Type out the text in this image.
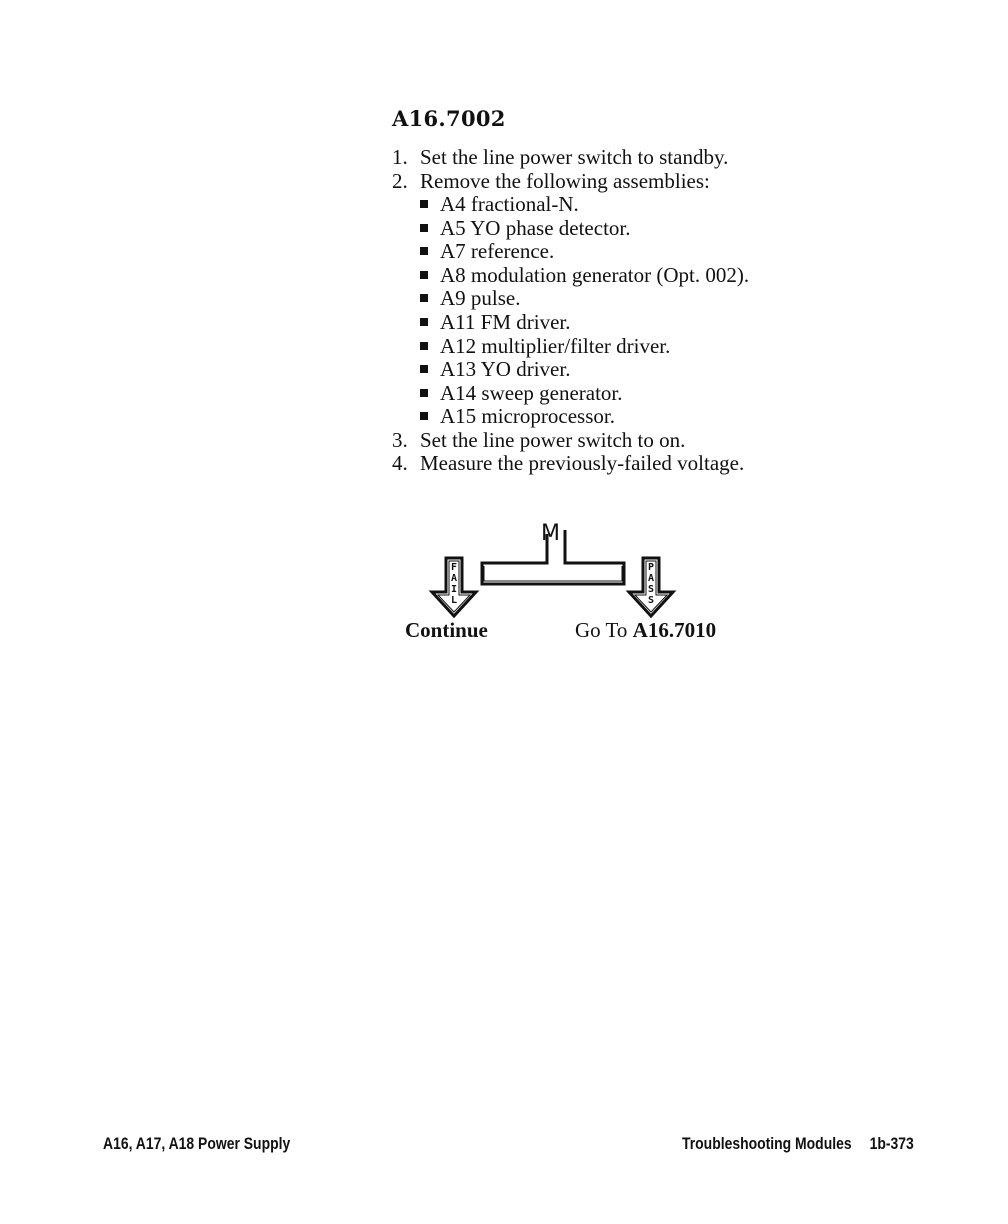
A16.7002
1. Set the line power switch to standby.
2. Remove the following assemblies:
A4 fractional-N.
A5 YO phase detector.
A7 reference.
A8 modulation generator (Opt. 002).
A9 pulse.
A11 FM driver.
A12 multiplier/filter driver.
A13 YO driver.
A14 sweep generator.
A15 microprocessor.
3. Set the line power switch to on.
4. Measure the previously-failed voltage.
M
F
A
I
L
P
A
S
S
Continue	Go To A16.7010
A16, A17, A18 Power Supply	Troubleshooting Modules 1b-373
